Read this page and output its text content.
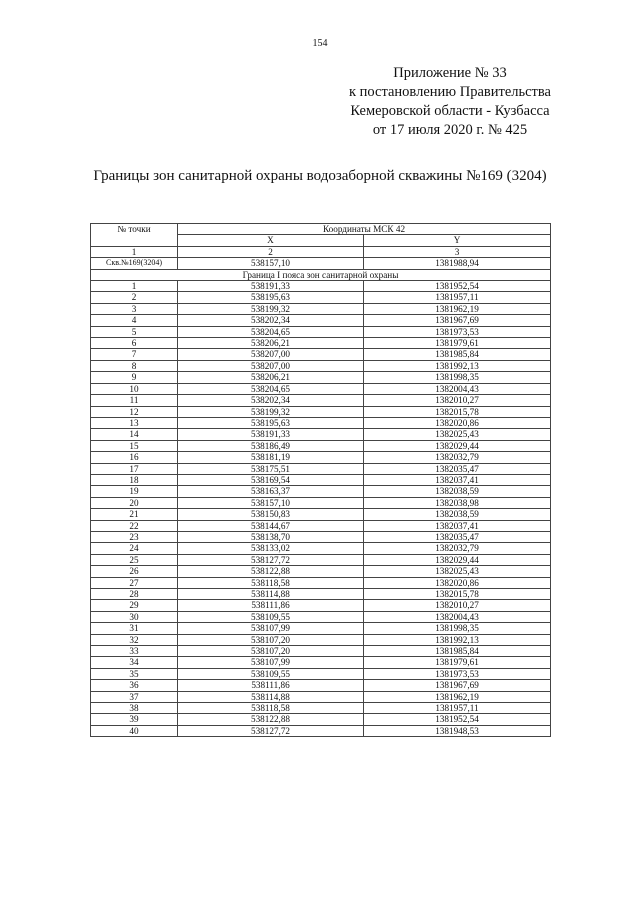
154
Приложение № 33
к постановлению Правительства
Кемеровской области - Кузбасса
от 17 июля 2020 г. № 425
Границы зон санитарной охраны водозаборной скважины №169 (3204)
№ точки	Координаты МСК 42	
	X	Y
1	2	3
Скв.№169(3204)	538157,10	1381988,94
Граница I пояса зон санитарной охраны		
1	538191,33	1381952,54
2	538195,63	1381957,11
3	538199,32	1381962,19
4	538202,34	1381967,69
5	538204,65	1381973,53
6	538206,21	1381979,61
7	538207,00	1381985,84
8	538207,00	1381992,13
9	538206,21	1381998,35
10	538204,65	1382004,43
11	538202,34	1382010,27
12	538199,32	1382015,78
13	538195,63	1382020,86
14	538191,33	1382025,43
15	538186,49	1382029,44
16	538181,19	1382032,79
17	538175,51	1382035,47
18	538169,54	1382037,41
19	538163,37	1382038,59
20	538157,10	1382038,98
21	538150,83	1382038,59
22	538144,67	1382037,41
23	538138,70	1382035,47
24	538133,02	1382032,79
25	538127,72	1382029,44
26	538122,88	1382025,43
27	538118,58	1382020,86
28	538114,88	1382015,78
29	538111,86	1382010,27
30	538109,55	1382004,43
31	538107,99	1381998,35
32	538107,20	1381992,13
33	538107,20	1381985,84
34	538107,99	1381979,61
35	538109,55	1381973,53
36	538111,86	1381967,69
37	538114,88	1381962,19
38	538118,58	1381957,11
39	538122,88	1381952,54
40	538127,72	1381948,53
